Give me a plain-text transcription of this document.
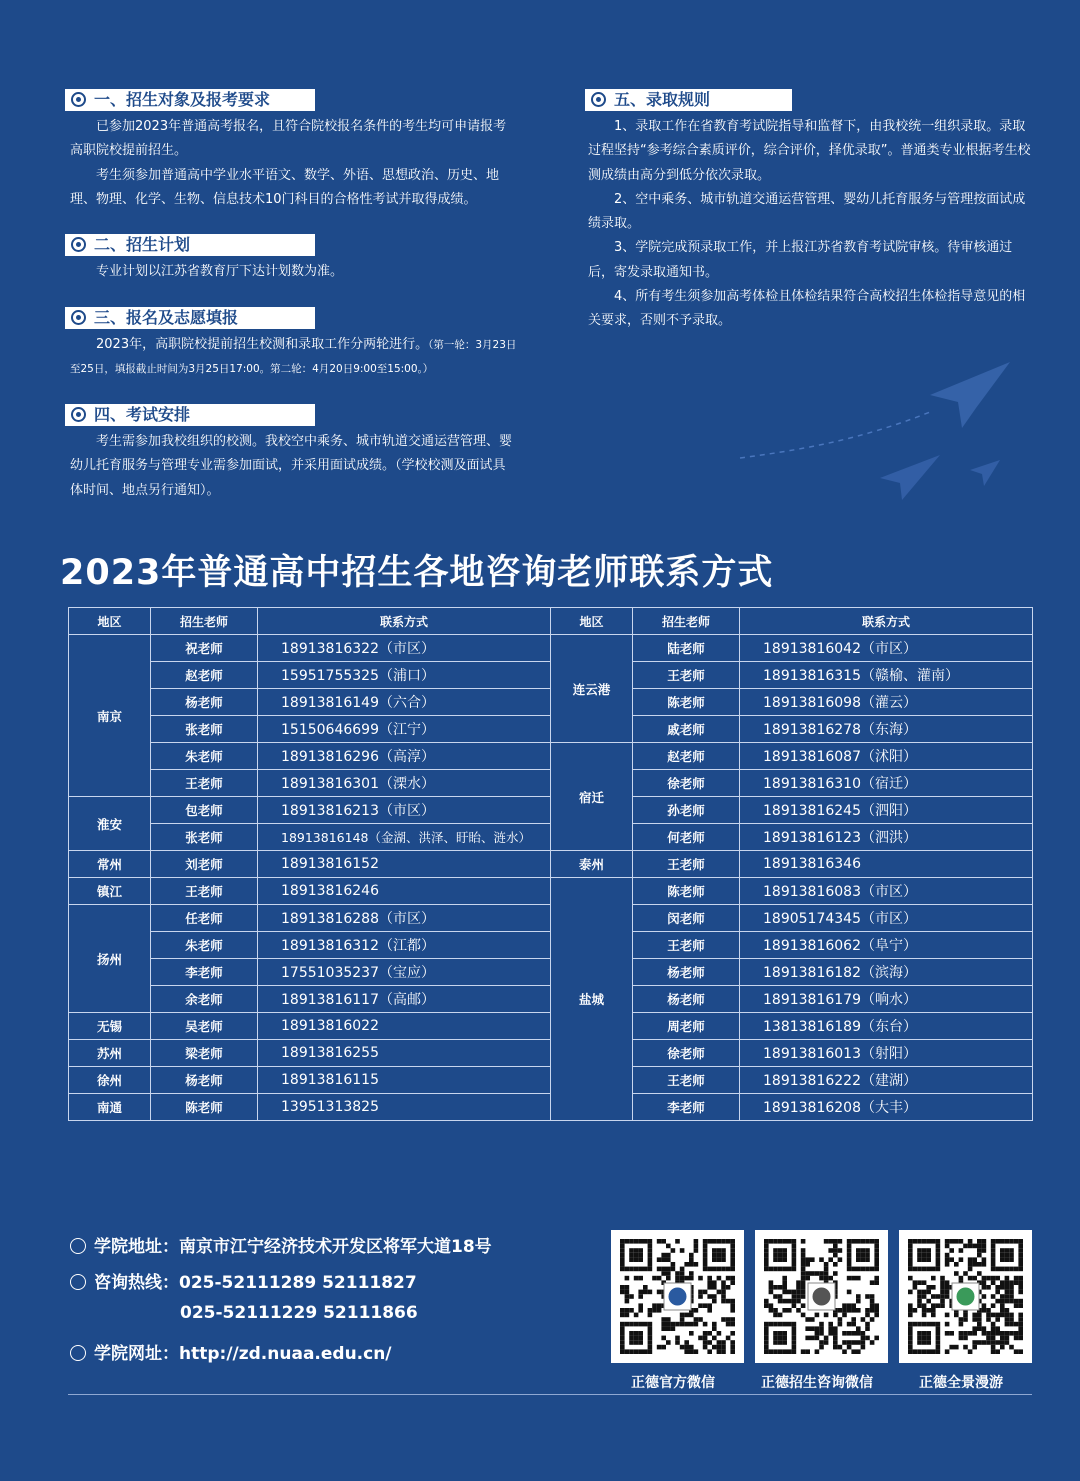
一、招生对象及报考要求

已参加2023年普通高考报名，且符合院校报名条件的考生均可申请报考高职院校提前招生。

考生须参加普通高中学业水平语文、数学、外语、思想政治、历史、地理、物理、化学、生物、信息技术10门科目的合格性考试并取得成绩。

二、招生计划

专业计划以江苏省教育厅下达计划数为准。

三、报名及志愿填报

2023年，高职院校提前招生校测和录取工作分两轮进行。（第一轮：3月23日至25日，填报截止时间为3月25日17:00。第二轮：4月20日9:00至15:00。）

四、考试安排

考生需参加我校组织的校测。我校空中乘务、城市轨道交通运营管理、婴幼儿托育服务与管理专业需参加面试，并采用面试成绩。（学校校测及面试具体时间、地点另行通知）。

五、录取规则

1、录取工作在省教育考试院指导和监督下，由我校统一组织录取。录取过程坚持“参考综合素质评价，综合评价，择优录取”。普通类专业根据考生校测成绩由高分到低分依次录取。

2、空中乘务、城市轨道交通运营管理、婴幼儿托育服务与管理按面试成绩录取。

3、学院完成预录取工作，并上报江苏省教育考试院审核。待审核通过后，寄发录取通知书。

4、所有考生须参加高考体检且体检结果符合高校招生体检指导意见的相关要求，否则不予录取。

2023年普通高中招生各地咨询老师联系方式
地区	招生老师	联系方式	地区	招生老师	联系方式
南京	祝老师	18913816322（市区）	连云港	陆老师	18913816042（市区）
	赵老师	15951755325（浦口）		王老师	18913816315（赣榆、灌南）
	杨老师	18913816149（六合）		陈老师	18913816098（灌云）
	张老师	15150646699（江宁）		戚老师	18913816278（东海）
	朱老师	18913816296（高淳）	宿迁	赵老师	18913816087（沭阳）
	王老师	18913816301（溧水）		徐老师	18913816310（宿迁）
淮安	包老师	18913816213（市区）		孙老师	18913816245（泗阳）
	张老师	18913816148（金湖、洪泽、盱眙、涟水）		何老师	18913816123（泗洪）
常州	刘老师	18913816152	泰州	王老师	18913816346
镇江	王老师	18913816246	盐城	陈老师	18913816083（市区）
扬州	任老师	18913816288（市区）		闵老师	18905174345（市区）
	朱老师	18913816312（江都）		王老师	18913816062（阜宁）
	李老师	17551035237（宝应）		杨老师	18913816182（滨海）
	余老师	18913816117（高邮）		杨老师	18913816179（响水）
无锡	吴老师	18913816022		周老师	13813816189（东台）
苏州	梁老师	18913816255		徐老师	18913816013（射阳）
徐州	杨老师	18913816115		王老师	18913816222（建湖）
南通	陈老师	13951313825		李老师	18913816208（大丰）
学院地址：南京市江宁经济技术开发区将军大道18号
咨询热线：025-52111289 52111827
025-52111229 52111866
学院网址：http://zd.nuaa.edu.cn/
正德官方微信	正德招生咨询微信	正德全景漫游
